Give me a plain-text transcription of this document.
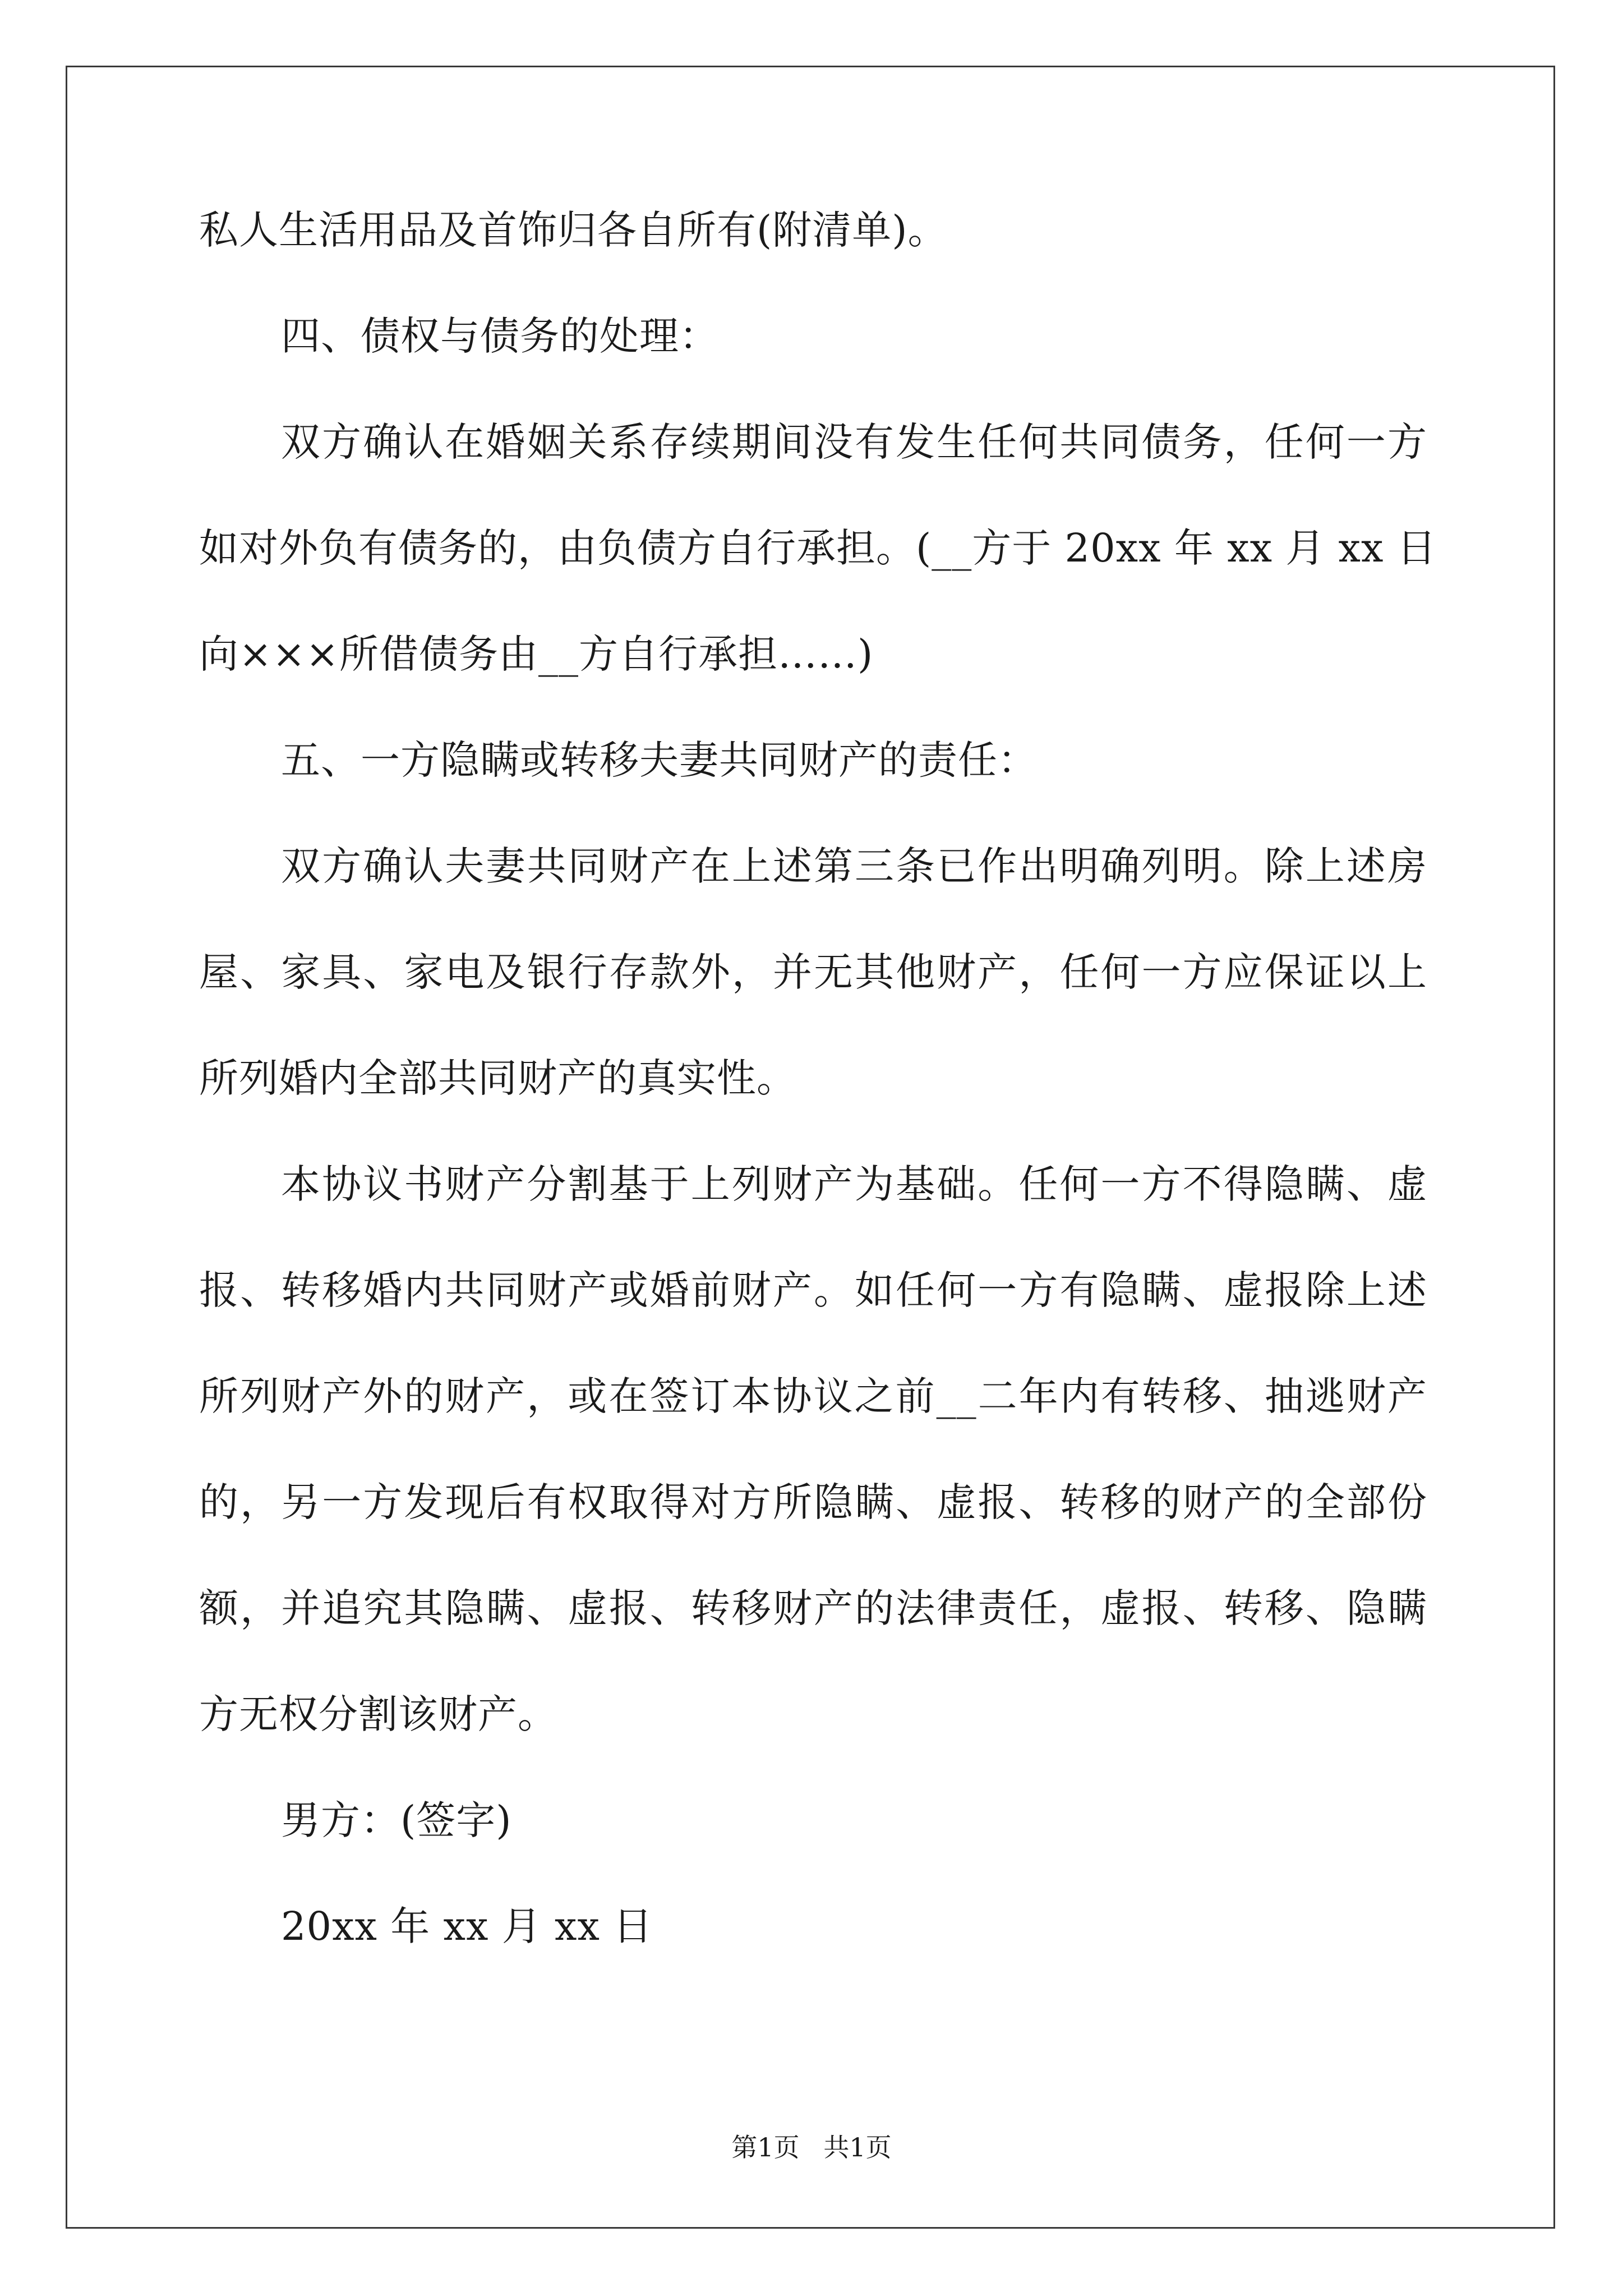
私人生活用品及首饰归各自所有(附清单)。
四、债权与债务的处理：
双方确认在婚姻关系存续期间没有发生任何共同债务，任何一方
如对外负有债务的，由负债方自行承担。(__方于 20xx 年 xx 月 xx 日
向×××所借债务由__方自行承担……)
五、一方隐瞒或转移夫妻共同财产的责任：
双方确认夫妻共同财产在上述第三条已作出明确列明。除上述房
屋、家具、家电及银行存款外，并无其他财产，任何一方应保证以上
所列婚内全部共同财产的真实性。
本协议书财产分割基于上列财产为基础。任何一方不得隐瞒、虚
报、转移婚内共同财产或婚前财产。如任何一方有隐瞒、虚报除上述
所列财产外的财产，或在签订本协议之前__二年内有转移、抽逃财产
的，另一方发现后有权取得对方所隐瞒、虚报、转移的财产的全部份
额，并追究其隐瞒、虚报、转移财产的法律责任，虚报、转移、隐瞒
方无权分割该财产。
男方：(签字)
20xx 年 xx 月 xx 日
第1页 共1页
